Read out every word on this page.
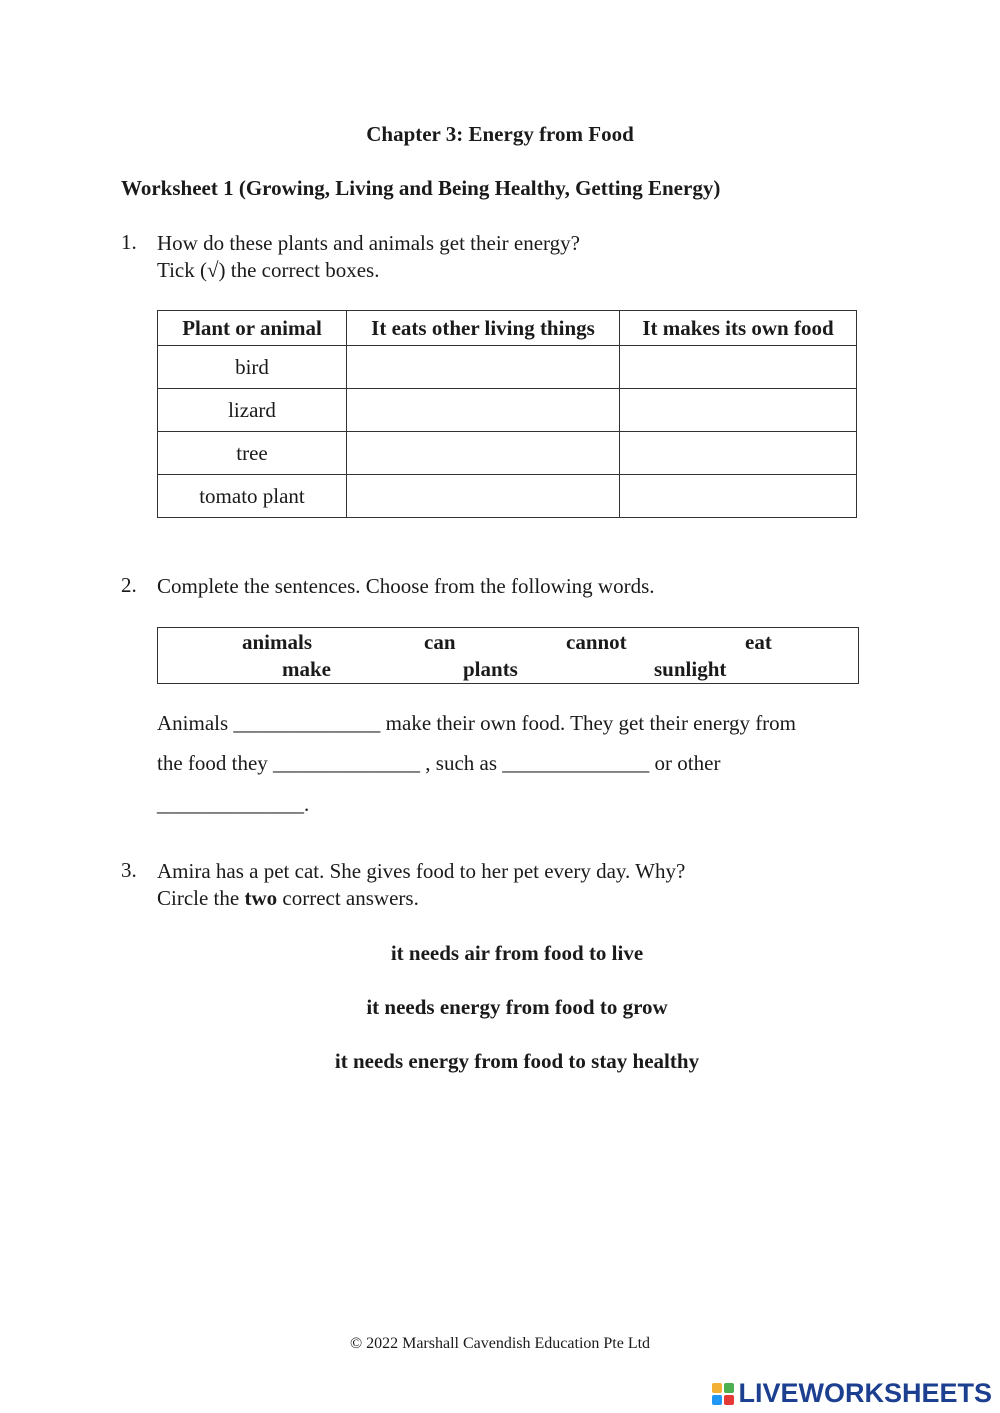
Chapter 3: Energy from Food
Worksheet 1 (Growing, Living and Being Healthy, Getting Energy)
1. How do these plants and animals get their energy?
Tick (√) the correct boxes.
Plant or animal	It eats other living things	It makes its own food
bird		
lizard		
tree		
tomato plant		
2. Complete the sentences. Choose from the following words.
animals	can	cannot	eat
make	plants	sunlight
Animals ______________ make their own food. They get their energy from
the food they ______________ , such as ______________ or other
______________.
3. Amira has a pet cat. She gives food to her pet every day. Why?
Circle the two correct answers.
it needs air from food to live
it needs energy from food to grow
it needs energy from food to stay healthy
© 2022 Marshall Cavendish Education Pte Ltd
LIVEWORKSHEETS
